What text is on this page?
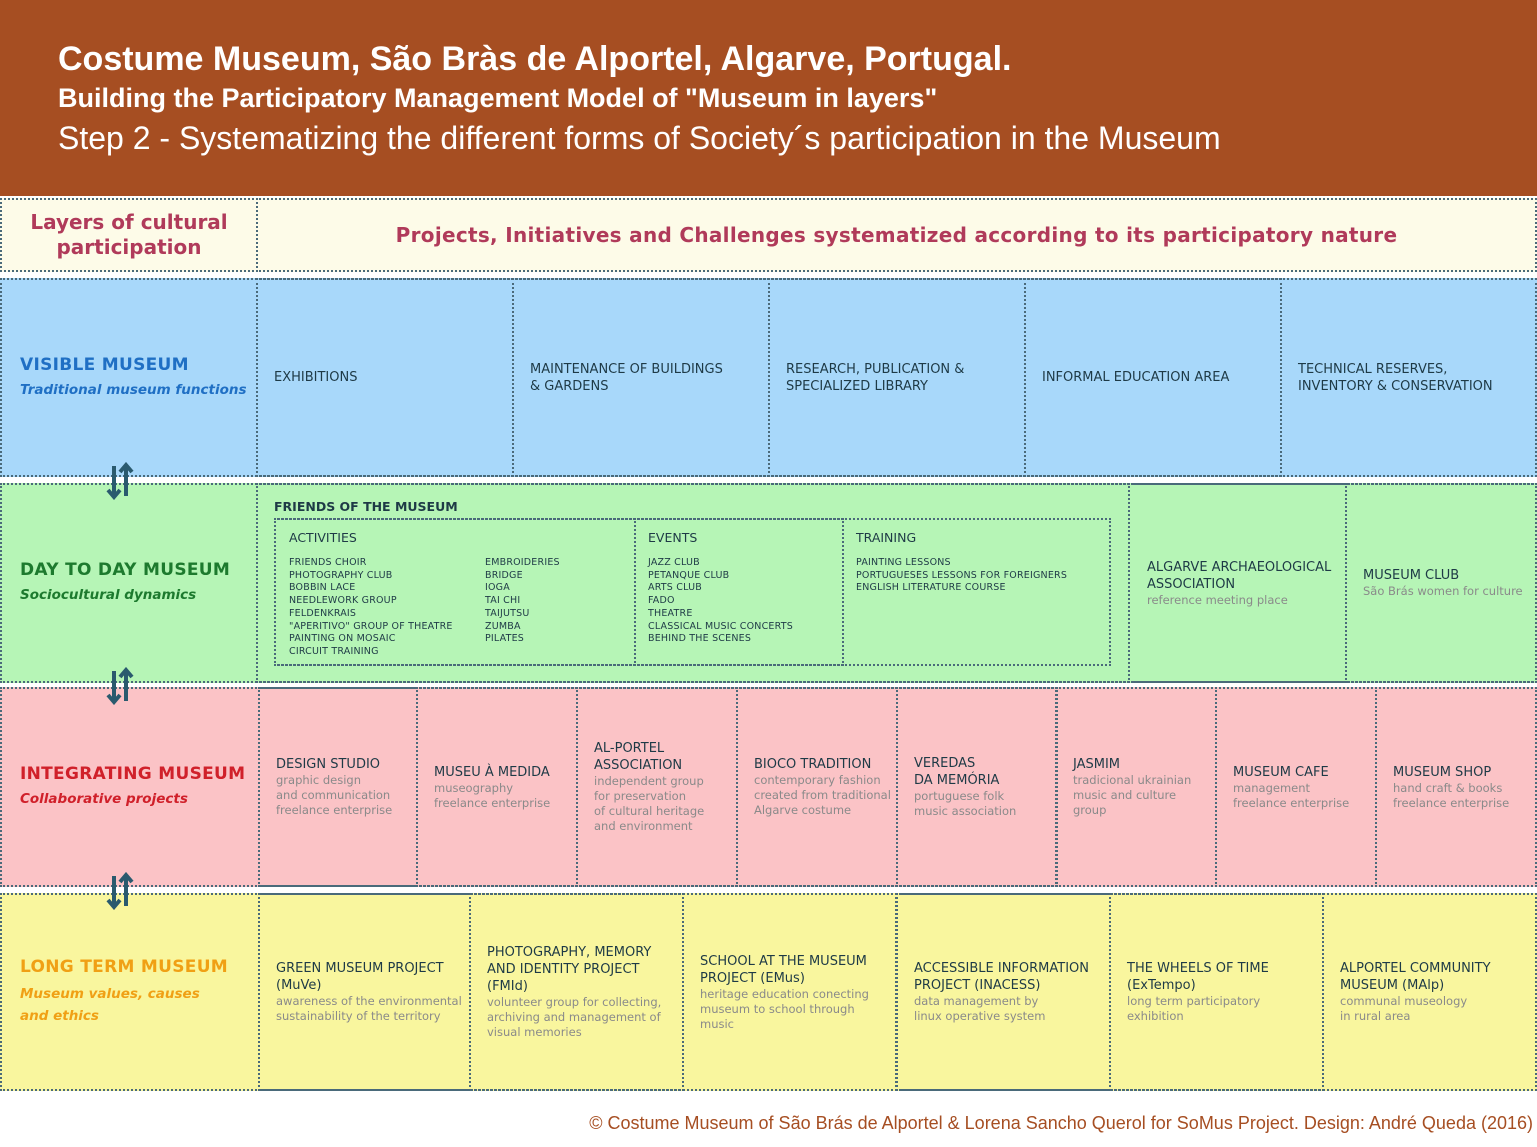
Costume Museum, São Bràs de Alportel, Algarve, Portugal.
Building the Participatory Management Model of "Museum in layers"
Step 2 - Systematizing the different forms of Society´s participation in the Museum
Layers of cultural
participation	Projects, Initiatives and Challenges systematized according to its participatory nature
VISIBLE MUSEUM
Traditional museum functions
EXHIBITIONS
MAINTENANCE OF BUILDINGS
& GARDENS
RESEARCH, PUBLICATION &
SPECIALIZED LIBRARY
INFORMAL EDUCATION AREA
TECHNICAL RESERVES,
INVENTORY & CONSERVATION
DAY TO DAY MUSEUM
Sociocultural dynamics
FRIENDS OF THE MUSEUM
ACTIVITIES
FRIENDS CHOIR
PHOTOGRAPHY CLUB
BOBBIN LACE
NEEDLEWORK GROUP
FELDENKRAIS
"APERITIVO" GROUP OF THEATRE
PAINTING ON MOSAIC
CIRCUIT TRAINING
EMBROIDERIES
BRIDGE
IOGA
TAI CHI
TAIJUTSU
ZUMBA
PILATES
EVENTS
JAZZ CLUB
PETANQUE CLUB
ARTS CLUB
FADO
THEATRE
CLASSICAL MUSIC CONCERTS
BEHIND THE SCENES
TRAINING
PAINTING LESSONS
PORTUGUESES LESSONS FOR FOREIGNERS
ENGLISH LITERATURE COURSE
ALGARVE ARCHAEOLOGICAL
ASSOCIATION
reference meeting place
MUSEUM CLUB
São Brás women for culture
INTEGRATING MUSEUM
Collaborative projects
DESIGN STUDIO
graphic design
and communication
freelance enterprise
MUSEU À MEDIDA
museography
freelance enterprise
AL-PORTEL
ASSOCIATION
independent group
for preservation
of cultural heritage
and environment
BIOCO TRADITION
contemporary fashion
created from traditional
Algarve costume
VEREDAS
DA MEMÓRIA
portuguese folk
music association
JASMIM
tradicional ukrainian
music and culture
group
MUSEUM CAFE
management
freelance enterprise
MUSEUM SHOP
hand craft & books
freelance enterprise
LONG TERM MUSEUM
Museum values, causes
and ethics
GREEN MUSEUM PROJECT
(MuVe)
awareness of the environmental
sustainability of the territory
PHOTOGRAPHY, MEMORY
AND IDENTITY PROJECT
(FMId)
volunteer group for collecting,
archiving and management of
visual memories
SCHOOL AT THE MUSEUM
PROJECT (EMus)
heritage education conecting
museum to school through
music
ACCESSIBLE INFORMATION
PROJECT (INACESS)
data management by
linux operative system
THE WHEELS OF TIME
(ExTempo)
long term participatory
exhibition
ALPORTEL COMMUNITY
MUSEUM (MAlp)
communal museology
in rural area
© Costume Museum of São Brás de Alportel & Lorena Sancho Querol for SoMus Project. Design: André Queda (2016)
